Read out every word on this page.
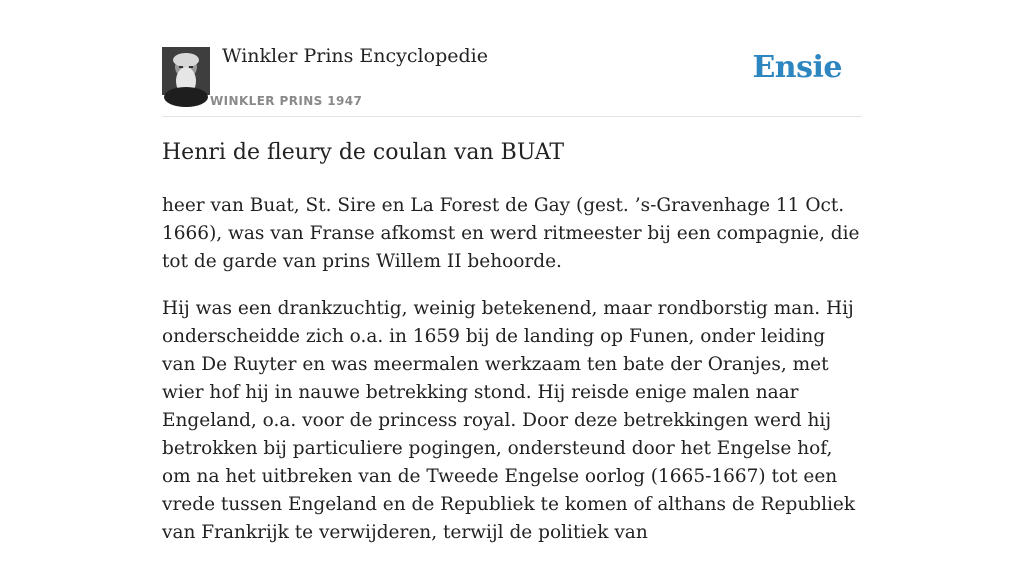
Winkler Prins Encyclopedie
WINKLER PRINS 1947
Ensie
Henri de fleury de coulan van BUAT

heer van Buat, St. Sire en La Forest de Gay (gest. ’s-Gravenhage 11 Oct. 1666), was van Franse afkomst en werd ritmeester bij een compagnie, die tot de garde van prins Willem II behoorde.

Hij was een drankzuchtig, weinig betekenend, maar rondborstig man. Hij onderscheidde zich o.a. in 1659 bij de landing op Funen, onder leiding van De Ruyter en was meermalen werkzaam ten bate der Oranjes, met wier hof hij in nauwe betrekking stond. Hij reisde enige malen naar Engeland, o.a. voor de princess royal. Door deze betrekkingen werd hij betrokken bij particuliere pogingen, ondersteund door het Engelse hof, om na het uitbreken van de Tweede Engelse oorlog (1665-1667) tot een vrede tussen Engeland en de Republiek te komen of althans de Republiek van Frankrijk te verwijderen, terwijl de politiek van
